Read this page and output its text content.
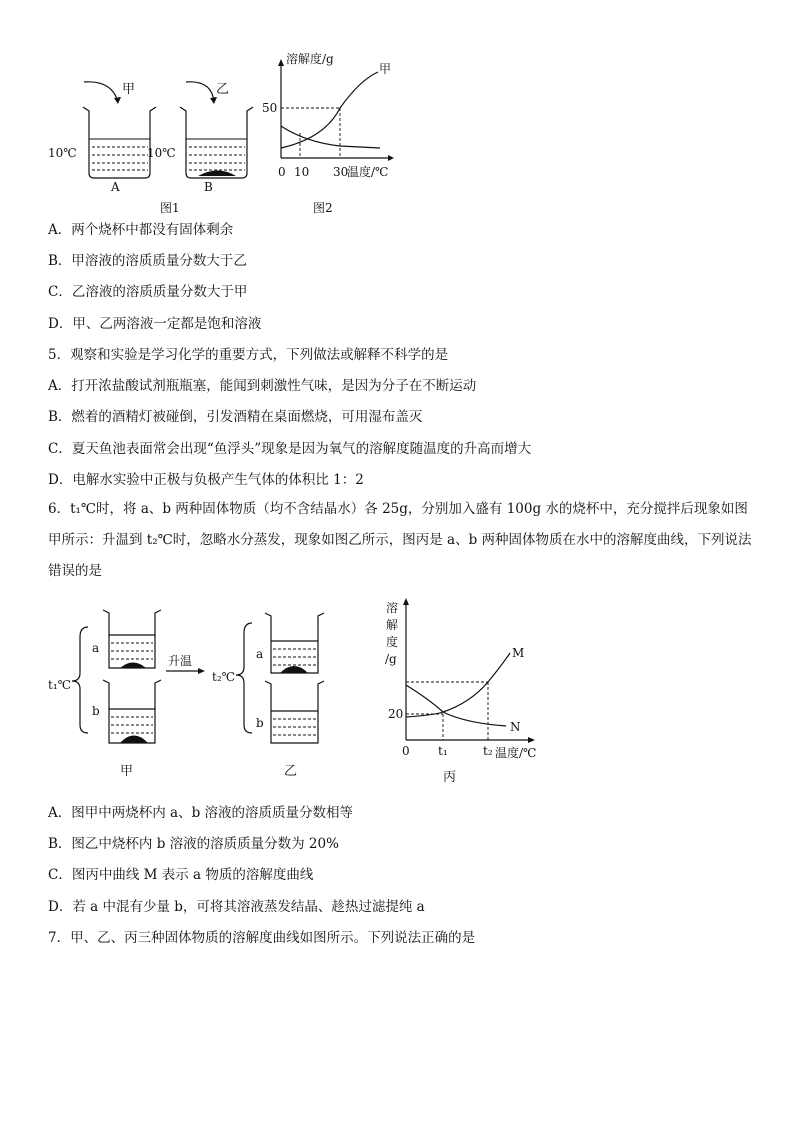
甲
10℃
A
乙
10℃
B
图1
溶解度/g
甲
50
0 10 30
温度/℃
图2
A．两个烧杯中都没有固体剩余
B．甲溶液的溶质质量分数大于乙
C．乙溶液的溶质质量分数大于甲
D．甲、乙两溶液一定都是饱和溶液
5．观察和实验是学习化学的重要方式，下列做法或解释不科学的是
A．打开浓盐酸试剂瓶瓶塞，能闻到刺激性气味，是因为分子在不断运动
B．燃着的酒精灯被碰倒，引发酒精在桌面燃烧，可用湿布盖灭
C．夏天鱼池表面常会出现“鱼浮头”现象是因为氧气的溶解度随温度的升高而增大
D．电解水实验中正极与负极产生气体的体积比 1：2
6．t₁℃时，将 a、b 两种固体物质（均不含结晶水）各 25g，分别加入盛有 100g 水的烧杯中，充分搅拌后现象如图甲所示：升温到 t₂℃时，忽略水分蒸发，现象如图乙所示，图丙是 a、b 两种固体物质在水中的溶解度曲线，下列说法错误的是
t₁℃
a
b
甲
升温
t₂℃
a
b
乙
溶
解
度
/g	M
N
20
0 t₁	t₂ 温度/℃
丙
A．图甲中两烧杯内 a、b 溶液的溶质质量分数相等
B．图乙中烧杯内 b 溶液的溶质质量分数为 20%
C．图丙中曲线 M 表示 a 物质的溶解度曲线
D．若 a 中混有少量 b，可将其溶液蒸发结晶、趁热过滤提纯 a
7．甲、乙、丙三种固体物质的溶解度曲线如图所示。下列说法正确的是
